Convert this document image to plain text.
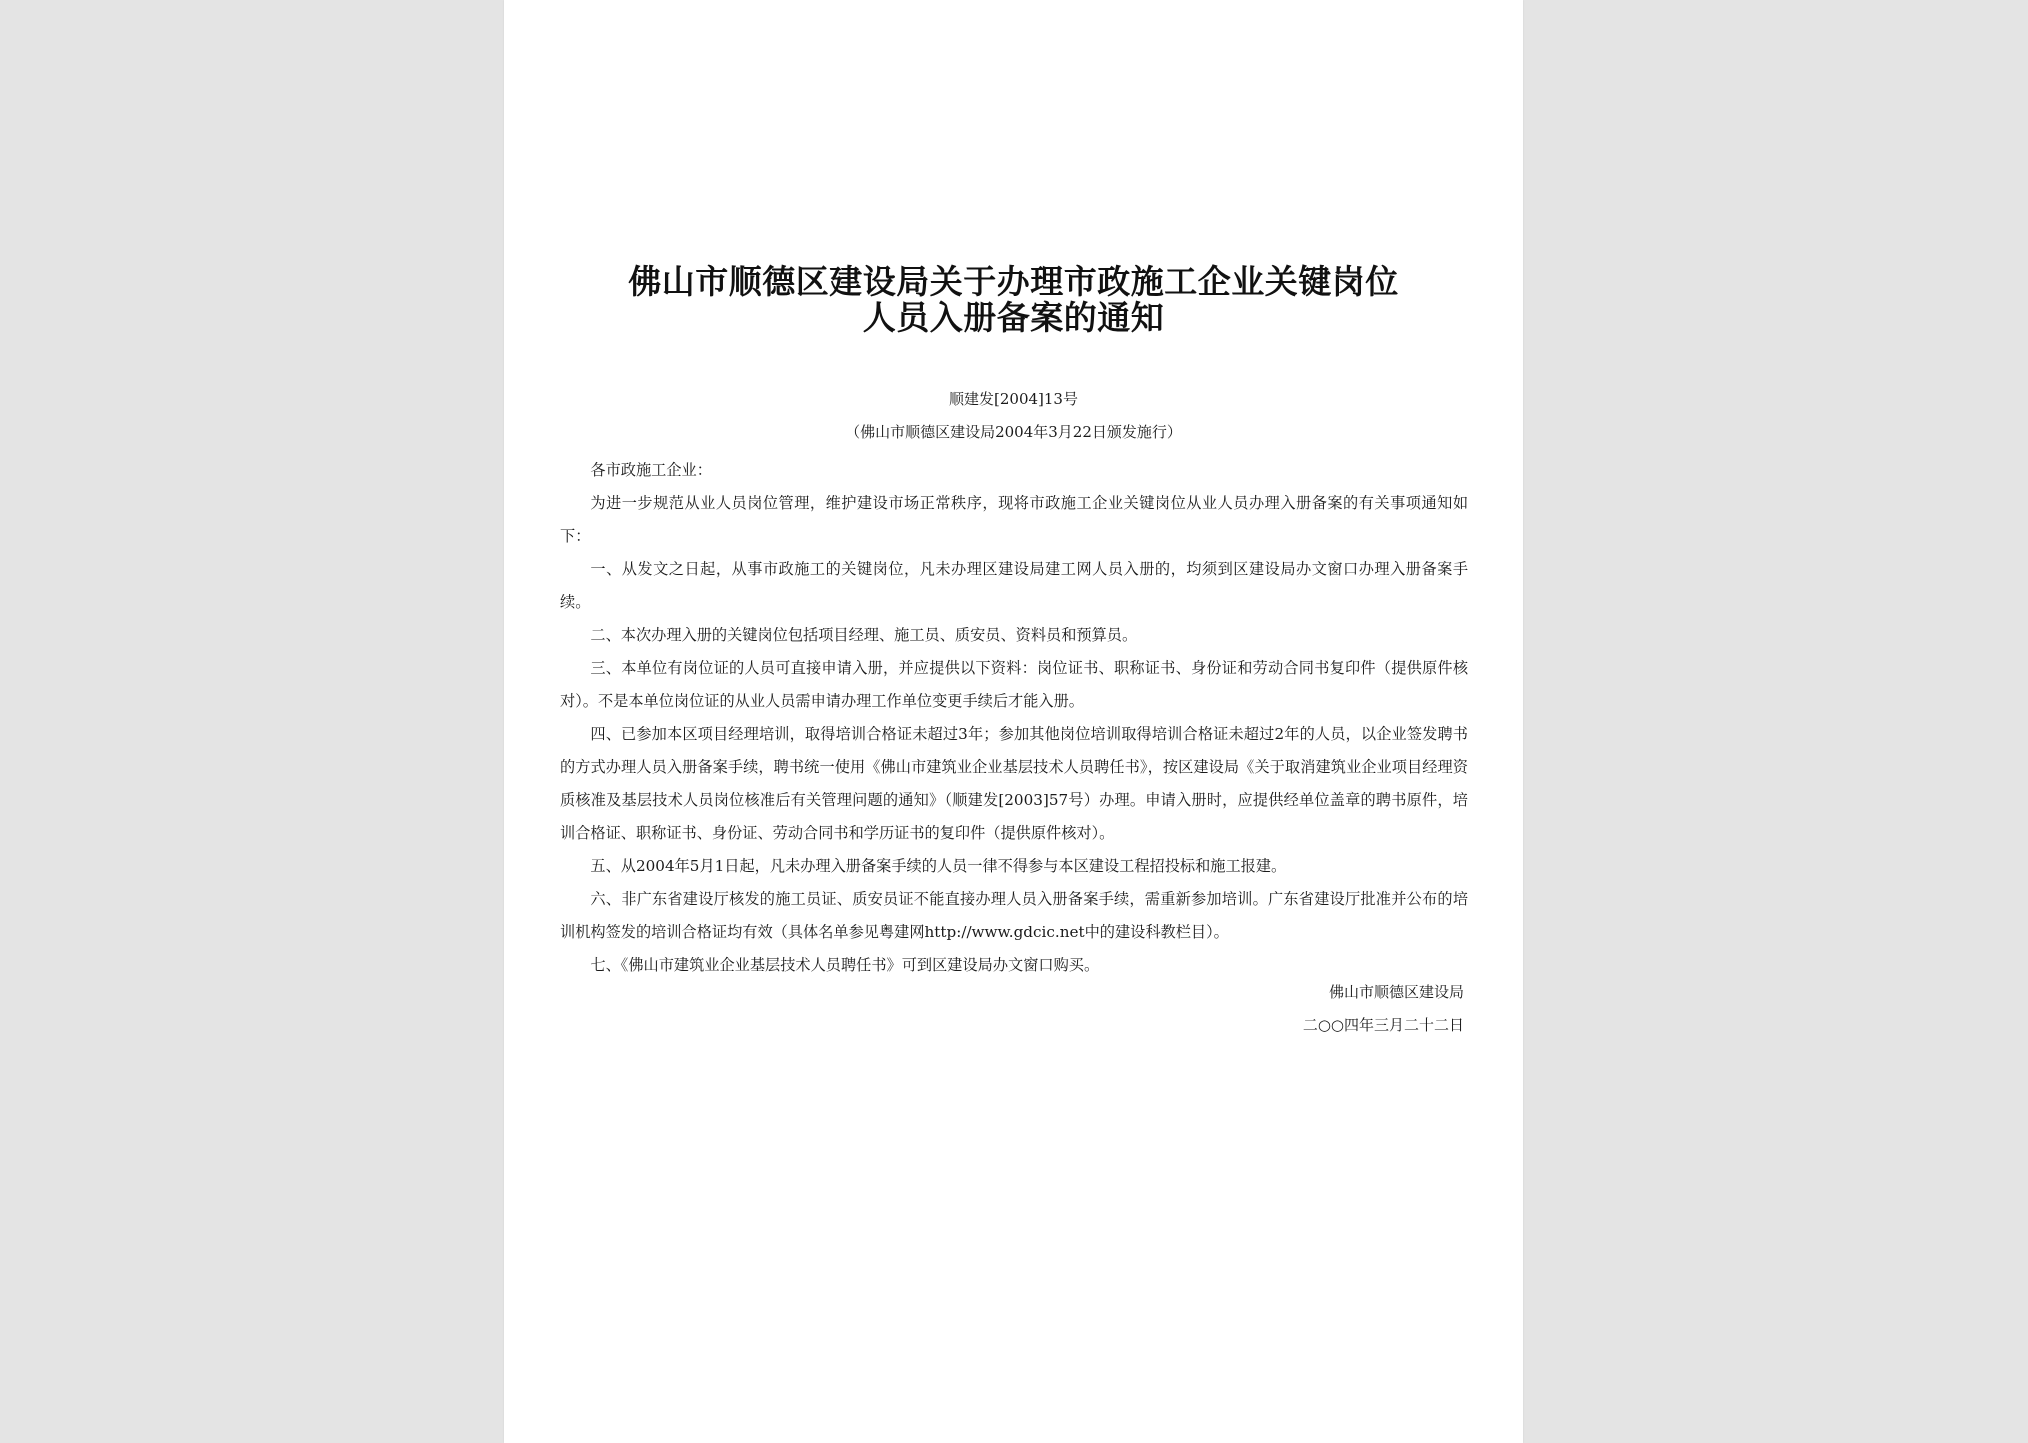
佛山市顺德区建设局关于办理市政施工企业关键岗位
人员入册备案的通知
顺建发[2004]13号
（佛山市顺德区建设局2004年3月22日颁发施行）

各市政施工企业：

为进一步规范从业人员岗位管理，维护建设市场正常秩序，现将市政施工企业关键岗位从业人员办理入册备案的有关事项通知如下：

一、从发文之日起，从事市政施工的关键岗位，凡未办理区建设局建工网人员入册的，均须到区建设局办文窗口办理入册备案手续。

二、本次办理入册的关键岗位包括项目经理、施工员、质安员、资料员和预算员。

三、本单位有岗位证的人员可直接申请入册，并应提供以下资料：岗位证书、职称证书、身份证和劳动合同书复印件（提供原件核对）。不是本单位岗位证的从业人员需申请办理工作单位变更手续后才能入册。

四、已参加本区项目经理培训，取得培训合格证未超过3年；参加其他岗位培训取得培训合格证未超过2年的人员，以企业签发聘书的方式办理人员入册备案手续，聘书统一使用《佛山市建筑业企业基层技术人员聘任书》，按区建设局《关于取消建筑业企业项目经理资质核准及基层技术人员岗位核准后有关管理问题的通知》（顺建发[2003]57号）办理。申请入册时，应提供经单位盖章的聘书原件，培训合格证、职称证书、身份证、劳动合同书和学历证书的复印件（提供原件核对）。

五、从2004年5月1日起，凡未办理入册备案手续的人员一律不得参与本区建设工程招投标和施工报建。

六、非广东省建设厅核发的施工员证、质安员证不能直接办理人员入册备案手续，需重新参加培训。广东省建设厅批准并公布的培训机构签发的培训合格证均有效（具体名单参见粤建网http://www.gdcic.net中的建设科教栏目）。

七、《佛山市建筑业企业基层技术人员聘任书》可到区建设局办文窗口购买。

佛山市顺德区建设局
二○○四年三月二十二日
